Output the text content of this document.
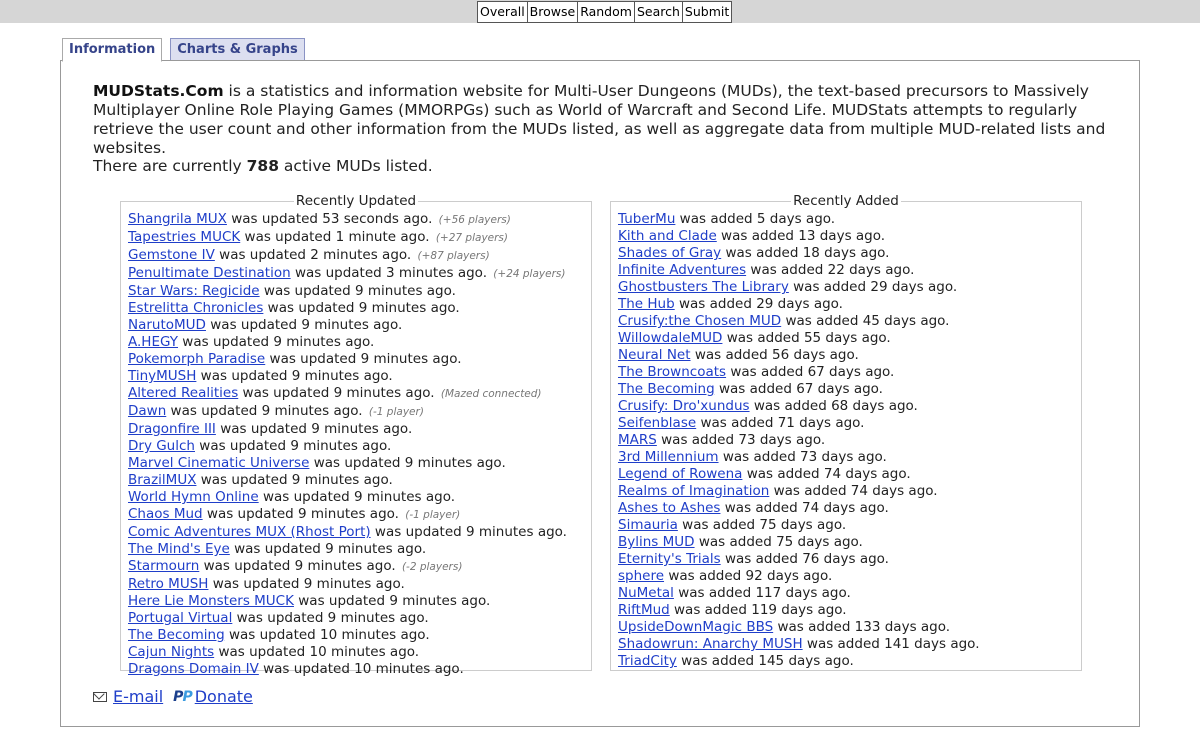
Overall Browse Random Search Submit
Information	Charts & Graphs
MUDStats.Com is a statistics and information website for Multi-User Dungeons (MUDs), the text-based precursors to Massively Multiplayer Online Role Playing Games (MMORPGs) such as World of Warcraft and Second Life. MUDStats attempts to regularly retrieve the user count and other information from the MUDs listed, as well as aggregate data from multiple MUD-related lists and websites.
There are currently 788 active MUDs listed.
Recently Updated
Shangrila MUX was updated 53 seconds ago. (+56 players)
Tapestries MUCK was updated 1 minute ago. (+27 players)
Gemstone IV was updated 2 minutes ago. (+87 players)
Penultimate Destination was updated 3 minutes ago. (+24 players)
Star Wars: Regicide was updated 9 minutes ago.
Estrelitta Chronicles was updated 9 minutes ago.
NarutoMUD was updated 9 minutes ago.
A.HEGY was updated 9 minutes ago.
Pokemorph Paradise was updated 9 minutes ago.
TinyMUSH was updated 9 minutes ago.
Altered Realities was updated 9 minutes ago. (Mazed connected)
Dawn was updated 9 minutes ago. (-1 player)
Dragonfire III was updated 9 minutes ago.
Dry Gulch was updated 9 minutes ago.
Marvel Cinematic Universe was updated 9 minutes ago.
BrazilMUX was updated 9 minutes ago.
World Hymn Online was updated 9 minutes ago.
Chaos Mud was updated 9 minutes ago. (-1 player)
Comic Adventures MUX (Rhost Port) was updated 9 minutes ago.
The Mind's Eye was updated 9 minutes ago.
Starmourn was updated 9 minutes ago. (-2 players)
Retro MUSH was updated 9 minutes ago.
Here Lie Monsters MUCK was updated 9 minutes ago.
Portugal Virtual was updated 9 minutes ago.
The Becoming was updated 10 minutes ago.
Cajun Nights was updated 10 minutes ago.
Dragons Domain IV was updated 10 minutes ago.
Recently Added
TuberMu was added 5 days ago.
Kith and Clade was added 13 days ago.
Shades of Gray was added 18 days ago.
Infinite Adventures was added 22 days ago.
Ghostbusters The Library was added 29 days ago.
The Hub was added 29 days ago.
Crusify:the Chosen MUD was added 45 days ago.
WillowdaleMUD was added 55 days ago.
Neural Net was added 56 days ago.
The Browncoats was added 67 days ago.
The Becoming was added 67 days ago.
Crusify: Dro'xundus was added 68 days ago.
Seifenblase was added 71 days ago.
MARS was added 73 days ago.
3rd Millennium was added 73 days ago.
Legend of Rowena was added 74 days ago.
Realms of Imagination was added 74 days ago.
Ashes to Ashes was added 74 days ago.
Simauria was added 75 days ago.
Bylins MUD was added 75 days ago.
Eternity's Trials was added 76 days ago.
sphere was added 92 days ago.
NuMetal was added 117 days ago.
RiftMud was added 119 days ago.
UpsideDownMagic BBS was added 133 days ago.
Shadowrun: Anarchy MUSH was added 141 days ago.
TriadCity was added 145 days ago.
E-mail PP Donate
